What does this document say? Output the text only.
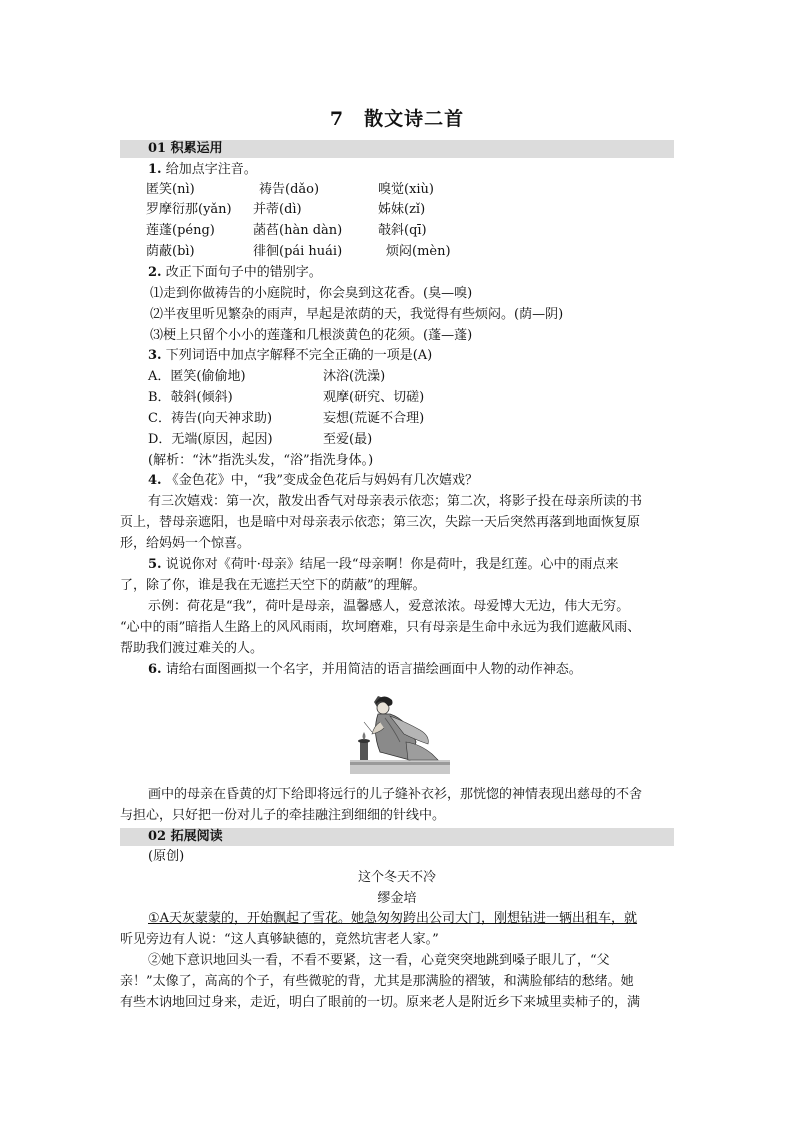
7　散文诗二首
01 积累运用
1. 给加点字注音。
匿笑(nì)	祷告(dǎo)	嗅觉(xiù)
罗摩衍那(yǎn) 并蒂(dì)	姊妹(zǐ)
莲蓬(péng)	菡萏(hàn dàn)	攲斜(qī)
荫蔽(bì)	徘徊(pái huái)	烦闷(mèn)
2. 改正下面句子中的错别字。
⑴走到你做祷告的小庭院时，你会臭到这花香。(臭—嗅)
⑵半夜里听见繁杂的雨声，早起是浓荫的天，我觉得有些烦闷。(荫—阴)
⑶梗上只留个小小的莲蓬和几根淡黄色的花须。(蓬—蓬)
3. 下列词语中加点字解释不完全正确的一项是(A)
A．匿笑(偷偷地)	沐浴(洗澡)
B．攲斜(倾斜)	观摩(研究、切磋)
C．祷告(向天神求助)	妄想(荒诞不合理)
D．无端(原因，起因)	至爱(最)
(解析：“沐”指洗头发，“浴”指洗身体。)
4. 《金色花》中，“我”变成金色花后与妈妈有几次嬉戏？
有三次嬉戏：第一次，散发出香气对母亲表示依恋；第二次，将影子投在母亲所读的书
页上，替母亲遮阳，也是暗中对母亲表示依恋；第三次，失踪一天后突然再落到地面恢复原
形，给妈妈一个惊喜。
5. 说说你对《荷叶·母亲》结尾一段“母亲啊！你是荷叶，我是红莲。心中的雨点来
了，除了你，谁是我在无遮拦天空下的荫蔽”的理解。
示例：荷花是“我”，荷叶是母亲，温馨感人，爱意浓浓。母爱博大无边，伟大无穷。
“心中的雨”暗指人生路上的风风雨雨，坎坷磨难，只有母亲是生命中永远为我们遮蔽风雨、
帮助我们渡过难关的人。
6. 请给右面图画拟一个名字，并用简洁的语言描绘画面中人物的动作神态。
画中的母亲在昏黄的灯下给即将远行的儿子缝补衣衫，那恍惚的神情表现出慈母的不舍
与担心，只好把一份对儿子的牵挂融注到细细的针线中。
02 拓展阅读
(原创)
这个冬天不冷
缪金培
①A天灰蒙蒙的，开始飘起了雪花。她急匆匆跨出公司大门，刚想钻进一辆出租车，就
听见旁边有人说：“这人真够缺德的，竟然坑害老人家。”
②她下意识地回头一看，不看不要紧，这一看，心竟突突地跳到嗓子眼儿了，“父
亲！”太像了，高高的个子，有些微驼的背，尤其是那满脸的褶皱，和满脸郁结的愁绪。她
有些木讷地回过身来，走近，明白了眼前的一切。原来老人是附近乡下来城里卖柿子的，满
